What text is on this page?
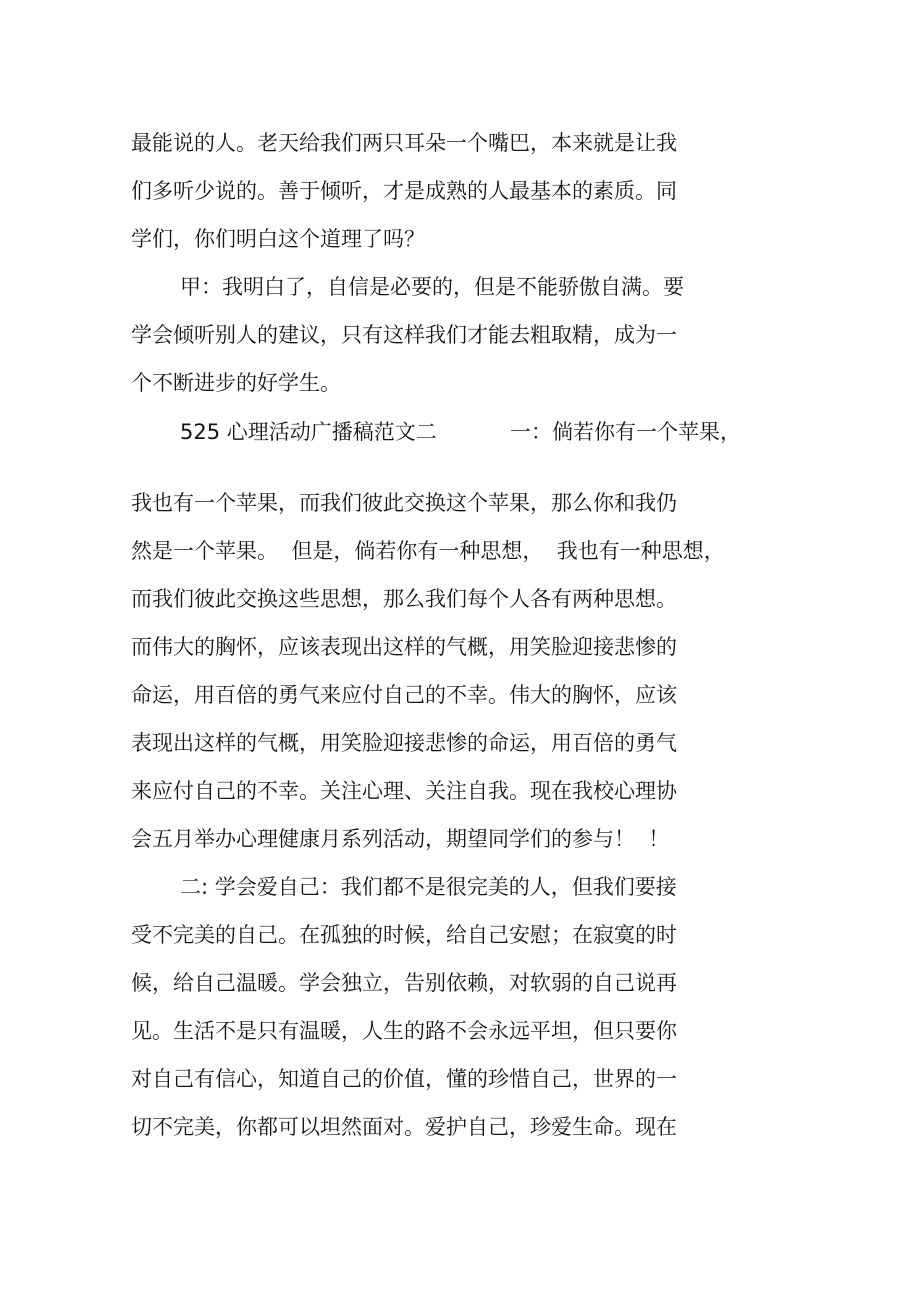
最能说的人。老天给我们两只耳朵一个嘴巴，本来就是让我
们多听少说的。善于倾听，才是成熟的人最基本的素质。同
学们，你们明白这个道理了吗？
甲：我明白了，自信是必要的，但是不能骄傲自满。要
学会倾听别人的建议，只有这样我们才能去粗取精，成为一
个不断进步的好学生。
525 心理活动广播稿范文二	一：倘若你有一个苹果，
我也有一个苹果，而我们彼此交换这个苹果，那么你和我仍
然是一个苹果。  但是，倘若你有一种思想，  我也有一种思想，
而我们彼此交换这些思想，那么我们每个人各有两种思想。
而伟大的胸怀，应该表现出这样的气概，用笑脸迎接悲惨的
命运，用百倍的勇气来应付自己的不幸。伟大的胸怀，应该
表现出这样的气概，用笑脸迎接悲惨的命运，用百倍的勇气
来应付自己的不幸。关注心理、关注自我。现在我校心理协
会五月举办心理健康月系列活动，期望同学们的参与！  ！
二: 学会爱自己：我们都不是很完美的人，但我们要接
受不完美的自己。在孤独的时候，给自己安慰；在寂寞的时
候，给自己温暖。学会独立，告别依赖，对软弱的自己说再
见。生活不是只有温暖，人生的路不会永远平坦，但只要你
对自己有信心，知道自己的价值，懂的珍惜自己，世界的一
切不完美，你都可以坦然面对。爱护自己，珍爱生命。现在
